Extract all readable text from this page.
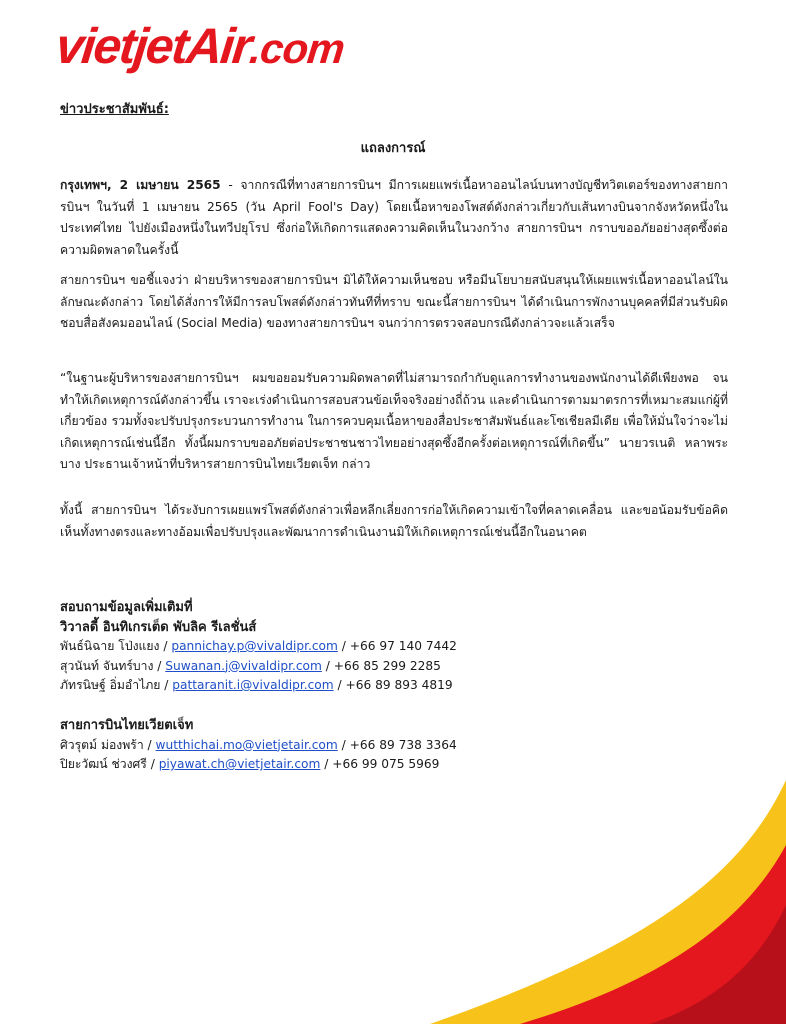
vietjetAir.com
ข่าวประชาสัมพันธ์:
แถลงการณ์
กรุงเทพฯ, 2 เมษายน 2565 - จากกรณีที่ทางสายการบินฯ มีการเผยแพร่เนื้อหาออนไลน์บนทางบัญชีทวิตเตอร์ของทางสายการบินฯ ในวันที่ 1 เมษายน 2565 (วัน April Fool's Day) โดยเนื้อหาของโพสต์ดังกล่าวเกี่ยวกับเส้นทางบินจากจังหวัดหนึ่งในประเทศไทย ไปยังเมืองหนึ่งในทวีปยุโรป ซึ่งก่อให้เกิดการแสดงความคิดเห็นในวงกว้าง สายการบินฯ กราบขออภัยอย่างสุดซึ้งต่อความผิดพลาดในครั้งนี้
สายการบินฯ ขอชี้แจงว่า ฝ่ายบริหารของสายการบินฯ มิได้ให้ความเห็นชอบ หรือมีนโยบายสนับสนุนให้เผยแพร่เนื้อหาออนไลน์ในลักษณะดังกล่าว โดยได้สั่งการให้มีการลบโพสต์ดังกล่าวทันทีที่ทราบ ขณะนี้สายการบินฯ ได้ดำเนินการพักงานบุคคลที่มีส่วนรับผิดชอบสื่อสังคมออนไลน์ (Social Media) ของทางสายการบินฯ จนกว่าการตรวจสอบกรณีดังกล่าวจะแล้วเสร็จ
“ในฐานะผู้บริหารของสายการบินฯ ผมขอยอมรับความผิดพลาดที่ไม่สามารถกำกับดูแลการทำงานของพนักงานได้ดีเพียงพอ จนทำให้เกิดเหตุการณ์ดังกล่าวขึ้น เราจะเร่งดำเนินการสอบสวนข้อเท็จจริงอย่างถี่ถ้วน และดำเนินการตามมาตรการที่เหมาะสมแก่ผู้ที่เกี่ยวข้อง รวมทั้งจะปรับปรุงกระบวนการทำงาน ในการควบคุมเนื้อหาของสื่อประชาสัมพันธ์และโซเชียลมีเดีย เพื่อให้มั่นใจว่าจะไม่เกิดเหตุการณ์เช่นนี้อีก ทั้งนี้ผมกราบขออภัยต่อประชาชนชาวไทยอย่างสุดซึ้งอีกครั้งต่อเหตุการณ์ที่เกิดขึ้น” นายวรเนติ หลาพระบาง ประธานเจ้าหน้าที่บริหารสายการบินไทยเวียตเจ็ท กล่าว
ทั้งนี้ สายการบินฯ ได้ระงับการเผยแพร่โพสต์ดังกล่าวเพื่อหลีกเลี่ยงการก่อให้เกิดความเข้าใจที่คลาดเคลื่อน และขอน้อมรับข้อคิดเห็นทั้งทางตรงและทางอ้อมเพื่อปรับปรุงและพัฒนาการดำเนินงานมิให้เกิดเหตุการณ์เช่นนี้อีกในอนาคต
สอบถามข้อมูลเพิ่มเติมที่
วิวาลดี้ อินทิเกรเต็ด พับลิค รีเลชั่นส์
พันธ์นิฉาย โป่งแยง / pannichay.p@vivaldipr.com / +66 97 140 7442
สุวนันท์ จันทร์บาง / Suwanan.j@vivaldipr.com / +66 85 299 2285
ภัทรนิษฐ์ อิ่มอำไภย / pattaranit.i@vivaldipr.com / +66 89 893 4819
สายการบินไทยเวียตเจ็ท
ศิวรุตม์ ม่องพร้า / wutthichai.mo@vietjetair.com / +66 89 738 3364
ปิยะวัฒน์ ช่วงศรี / piyawat.ch@vietjetair.com / +66 99 075 5969
